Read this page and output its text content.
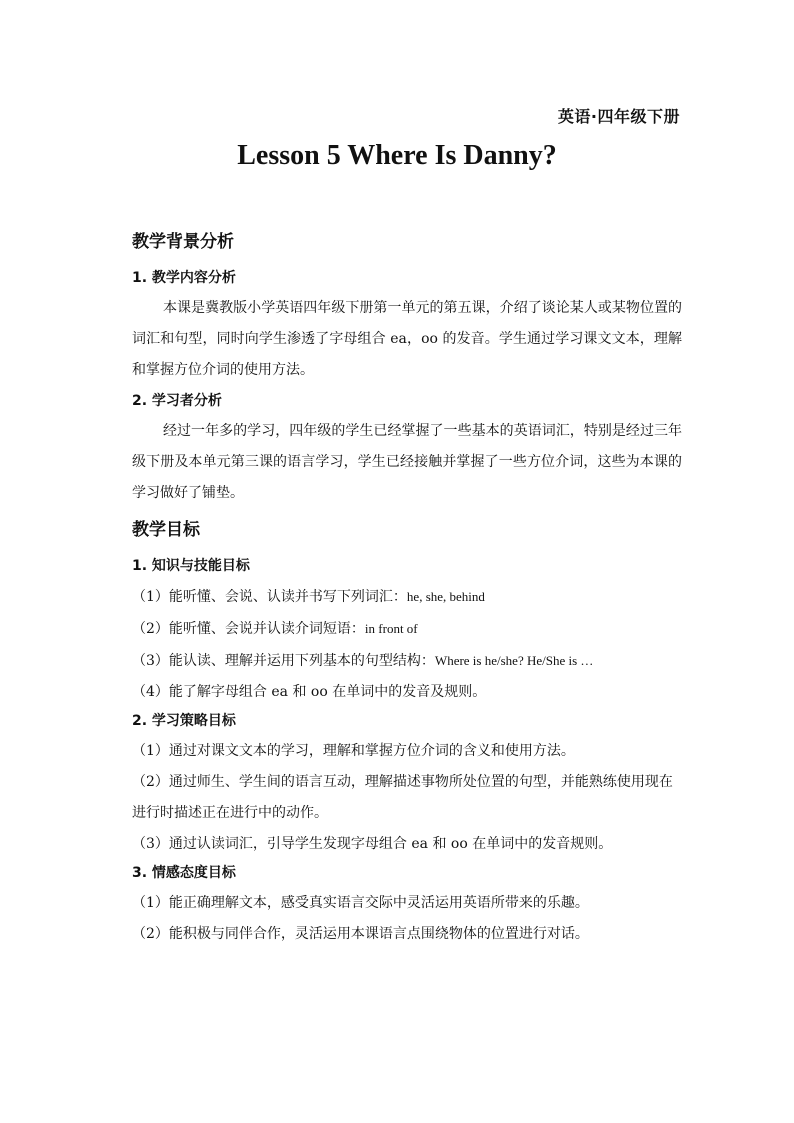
英语·四年级下册
Lesson 5 Where Is Danny?
教学背景分析
1. 教学内容分析

本课是冀教版小学英语四年级下册第一单元的第五课，介绍了谈论某人或某物位置的词汇和句型，同时向学生渗透了字母组合 ea，oo 的发音。学生通过学习课文文本，理解和掌握方位介词的使用方法。

2. 学习者分析

经过一年多的学习，四年级的学生已经掌握了一些基本的英语词汇，特别是经过三年级下册及本单元第三课的语言学习，学生已经接触并掌握了一些方位介词，这些为本课的学习做好了铺垫。

教学目标
1. 知识与技能目标

（1）能听懂、会说、认读并书写下列词汇：he, she, behind

（2）能听懂、会说并认读介词短语：in front of

（3）能认读、理解并运用下列基本的句型结构：Where is he/she? He/She is …

（4）能了解字母组合 ea 和 oo 在单词中的发音及规则。

2. 学习策略目标

（1）通过对课文文本的学习，理解和掌握方位介词的含义和使用方法。

（2）通过师生、学生间的语言互动，理解描述事物所处位置的句型，并能熟练使用现在进行时描述正在进行中的动作。

（3）通过认读词汇，引导学生发现字母组合 ea 和 oo 在单词中的发音规则。

3. 情感态度目标

（1）能正确理解文本，感受真实语言交际中灵活运用英语所带来的乐趣。

（2）能积极与同伴合作，灵活运用本课语言点围绕物体的位置进行对话。
